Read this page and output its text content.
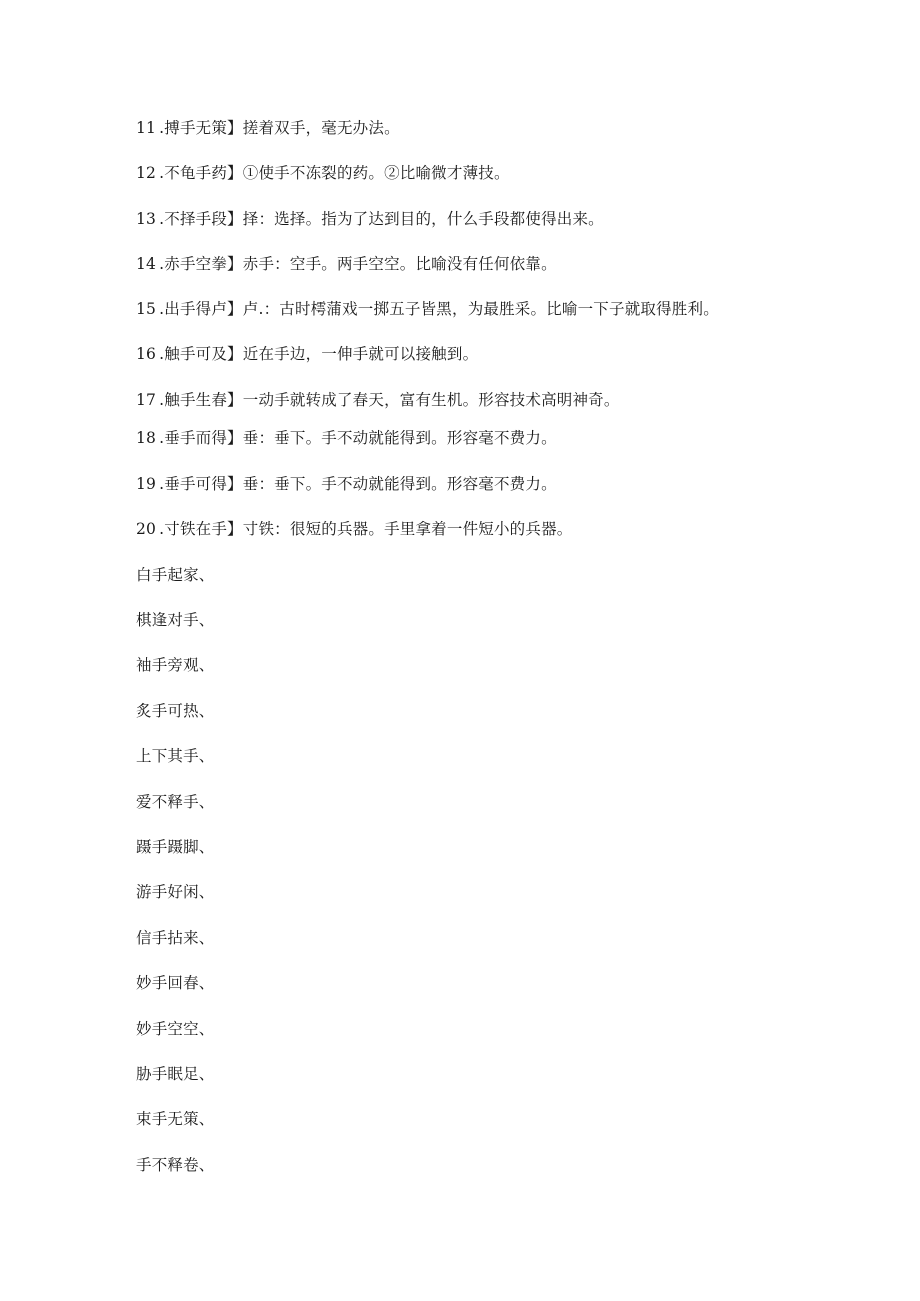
11 .搏手无策】搓着双手，毫无办法。
12 .不龟手药】①使手不冻裂的药。②比喻微才薄技。
13 .不择手段】择：选择。指为了达到目的，什么手段都使得出来。
14 .赤手空拳】赤手：空手。两手空空。比喻没有任何依靠。
15 .出手得卢】卢.：古时樗蒲戏一掷五子皆黑，为最胜采。比喻一下子就取得胜利。
16 .触手可及】近在手边，一伸手就可以接触到。
17 .触手生春】一动手就转成了春天，富有生机。形容技术高明神奇。
18 .垂手而得】垂：垂下。手不动就能得到。形容毫不费力。
19 .垂手可得】垂：垂下。手不动就能得到。形容毫不费力。
20 .寸铁在手】寸铁：很短的兵器。手里拿着一件短小的兵器。
白手起家、
棋逢对手、
袖手旁观、
炙手可热、
上下其手、
爱不释手、
蹑手蹑脚、
游手好闲、
信手拈来、
妙手回春、
妙手空空、
胁手眠足、
束手无策、
手不释卷、
